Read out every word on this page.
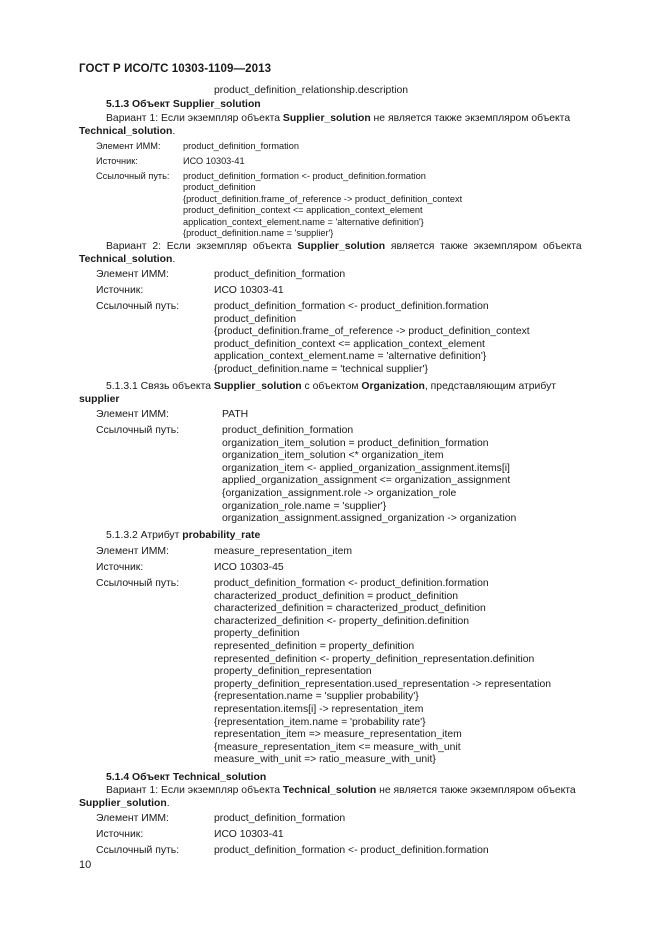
ГОСТ Р ИСО/ТС 10303-1109—2013
product_definition_relationship.description
5.1.3 Объект Supplier_solution
Вариант 1: Если экземпляр объекта Supplier_solution не является также экземпляром объекта
Technical_solution.
Элемент ИММ: product_definition_formation
Источник:	ИСО 10303-41
Ссылочный путь: product_definition_formation <- product_definition.formation
product_definition
{product_definition.frame_of_reference -> product_definition_context
product_definition_context <= application_context_element
application_context_element.name = 'alternative definition'}
{product_definition.name = 'supplier'}
Вариант  2:  Если  экземпляр  объекта  Supplier_solution  является  также  экземпляром  объекта
Technical_solution.
Элемент ИММ:	product_definition_formation
Источник:	ИСО 10303-41
Ссылочный путь:	product_definition_formation <- product_definition.formation
product_definition
{product_definition.frame_of_reference -> product_definition_context
product_definition_context <= application_context_element
application_context_element.name = 'alternative definition'}
{product_definition.name = 'technical supplier'}
5.1.3.1 Связь объекта Supplier_solution с объектом Organization, представляющим атрибут
supplier
Элемент ИММ:	PATH
Ссылочный путь:	product_definition_formation
organization_item_solution = product_definition_formation
organization_item_solution <* organization_item
organization_item <- applied_organization_assignment.items[i]
applied_organization_assignment <= organization_assignment
{organization_assignment.role -> organization_role
organization_role.name = 'supplier'}
organization_assignment.assigned_organization -> organization
5.1.3.2 Атрибут probability_rate
Элемент ИММ:	measure_representation_item
Источник:	ИСО 10303-45
Ссылочный путь:	product_definition_formation <- product_definition.formation
characterized_product_definition = product_definition
characterized_definition = characterized_product_definition
characterized_definition <- property_definition.definition
property_definition
represented_definition = property_definition
represented_definition <- property_definition_representation.definition
property_definition_representation
property_definition_representation.used_representation -> representation
{representation.name = 'supplier probability'}
representation.items[i] -> representation_item
{representation_item.name = 'probability rate'}
representation_item => measure_representation_item
{measure_representation_item <= measure_with_unit
measure_with_unit => ratio_measure_with_unit}
5.1.4 Объект Technical_solution
Вариант 1: Если экземпляр объекта Technical_solution не является также экземпляром объекта
Supplier_solution.
Элемент ИММ:	product_definition_formation
Источник:	ИСО 10303-41
Ссылочный путь:	product_definition_formation <- product_definition.formation
10
